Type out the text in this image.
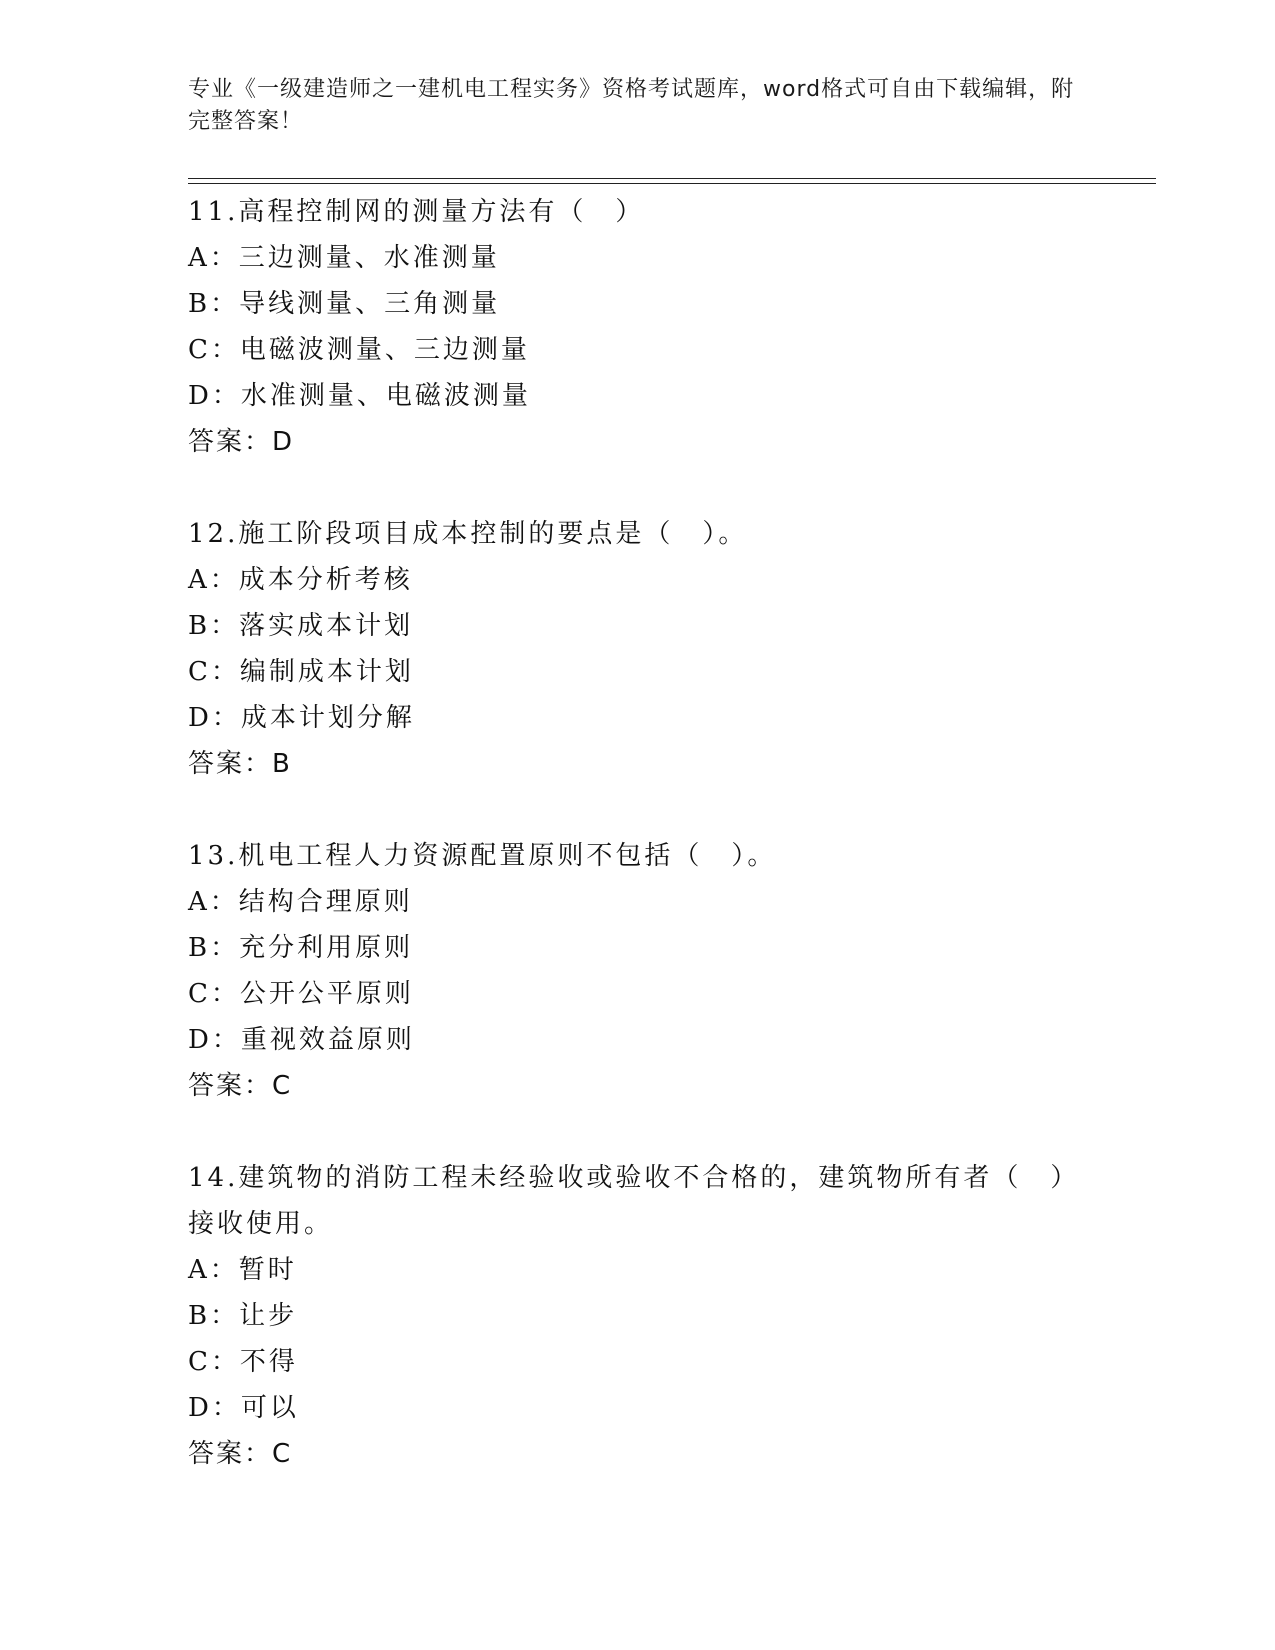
专业《一级建造师之一建机电工程实务》资格考试题库，word格式可自由下载编辑，附完整答案！
11.高程控制网的测量方法有（　）
A：三边测量、水准测量
B：导线测量、三角测量
C：电磁波测量、三边测量
D：水准测量、电磁波测量
答案：D
12.施工阶段项目成本控制的要点是（　）。
A：成本分析考核
B：落实成本计划
C：编制成本计划
D：成本计划分解
答案：B
13.机电工程人力资源配置原则不包括（　）。
A：结构合理原则
B：充分利用原则
C：公开公平原则
D：重视效益原则
答案：C
14.建筑物的消防工程未经验收或验收不合格的，建筑物所有者（　）接收使用。
A：暂时
B：让步
C：不得
D：可以
答案：C
